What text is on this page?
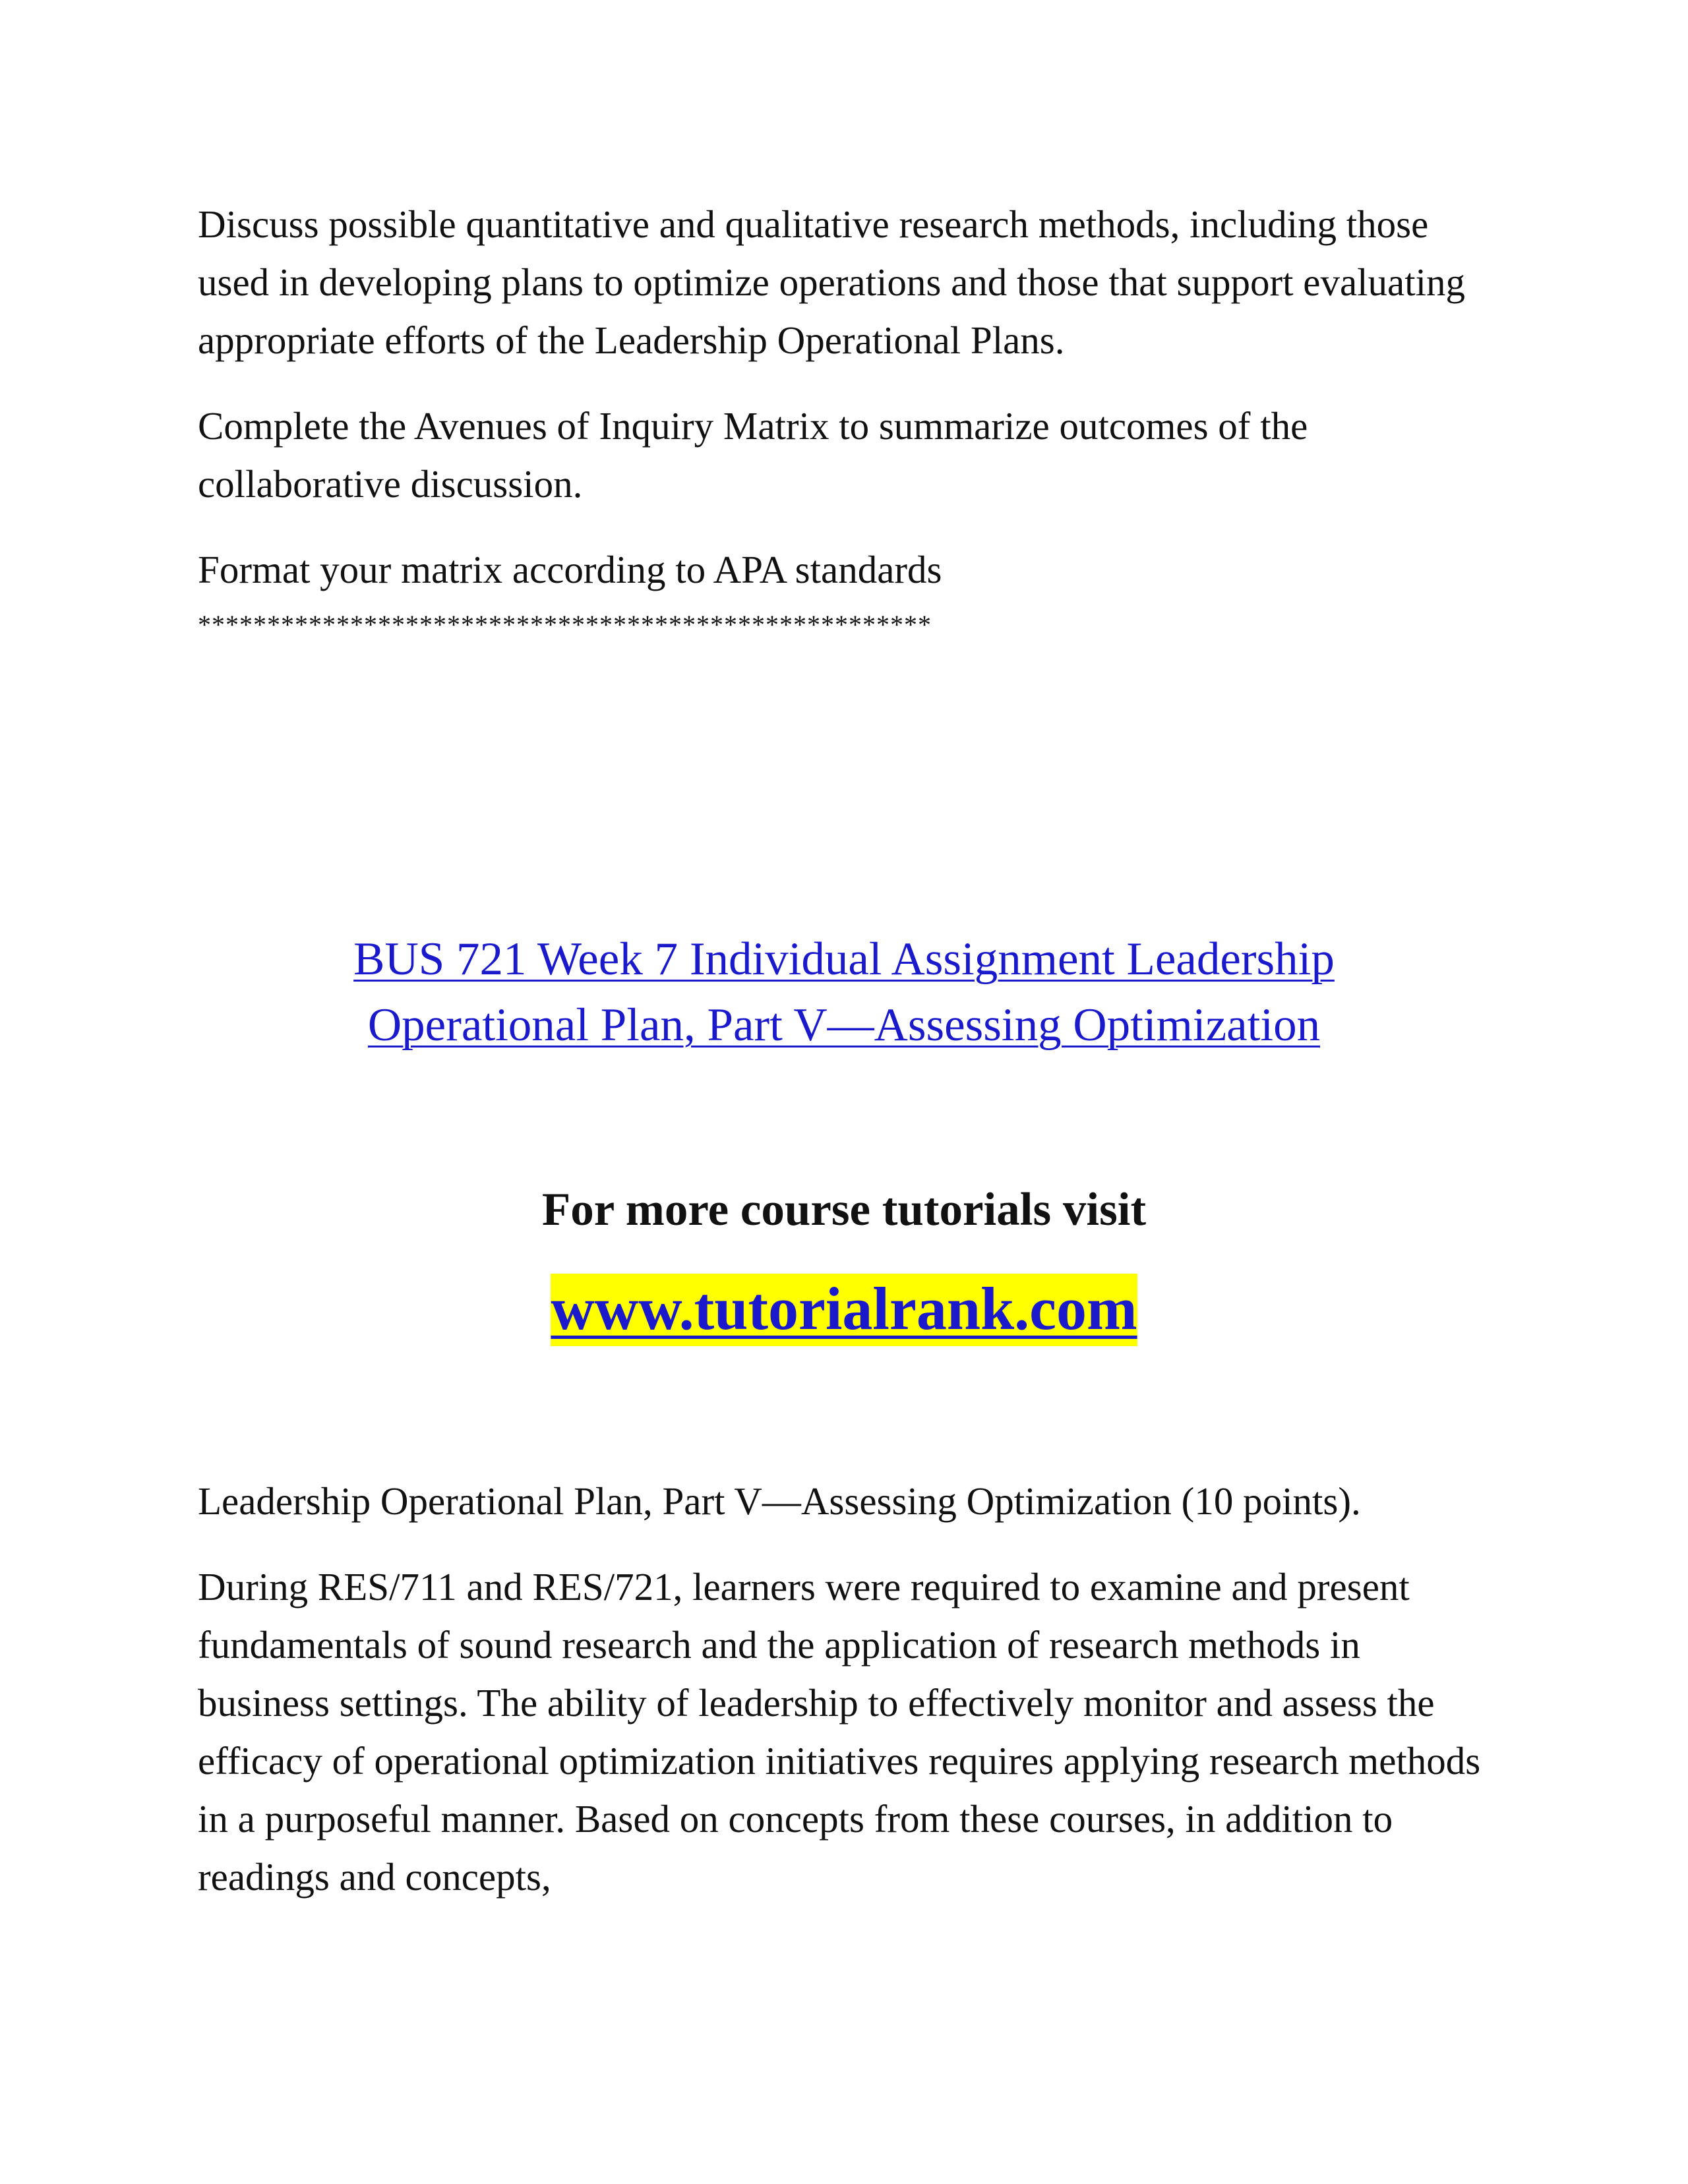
Discuss possible quantitative and qualitative research methods, including those used in developing plans to optimize operations and those that support evaluating appropriate efforts of the Leadership Operational Plans.

Complete the Avenues of Inquiry Matrix to summarize outcomes of the collaborative discussion.

Format your matrix according to APA standards

*****************************************************

BUS 721 Week 7 Individual Assignment Leadership
Operational Plan, Part V—Assessing Optimization
For more course tutorials visit
www.tutorialrank.com

Leadership Operational Plan, Part V—Assessing Optimization (10 points).

During RES/711 and RES/721, learners were required to examine and present fundamentals of sound research and the application of research methods in business settings. The ability of leadership to effectively monitor and assess the efficacy of operational optimization initiatives requires applying research methods in a purposeful manner. Based on concepts from these courses, in addition to readings and concepts,
